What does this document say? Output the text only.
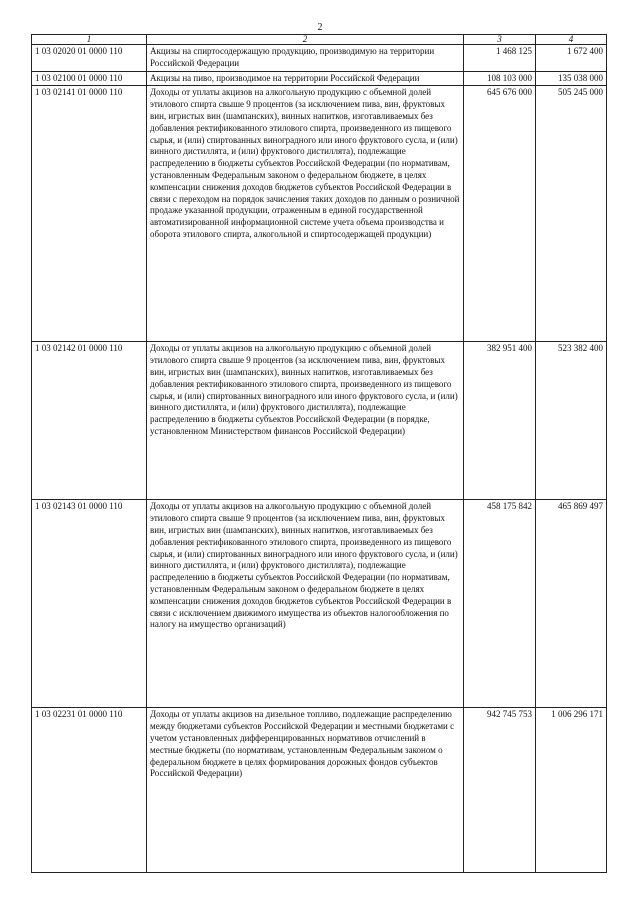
2
1	2	3	4
1 03 02020 01 0000 110	Акцизы на спиртосодержащую продукцию, производимую на территории Российской Федерации	1 468 125	1 672 400
1 03 02100 01 0000 110	Акцизы на пиво, производимое на территории Российской Федерации	108 103 000	135 038 000
1 03 02141 01 0000 110	Доходы от уплаты акцизов на алкогольную продукцию с объемной долей этилового спирта свыше 9 процентов (за исключением пива, вин, фруктовых вин, игристых вин (шампанских), винных напитков, изготавливаемых без добавления ректификованного этилового спирта, произведенного из пищевого сырья, и (или) спиртованных виноградного или иного фруктового сусла, и (или) винного дистиллята, и (или) фруктового дистиллята), подлежащие распределению в бюджеты субъектов Российской Федерации (по нормативам, установленным Федеральным законом о федеральном бюджете, в целях компенсации снижения доходов бюджетов субъектов Российской Федерации в связи с переходом на порядок зачисления таких доходов по данным о розничной продаже указанной продукции, отраженным в единой государственной автоматизированной информационной системе учета объема производства и оборота этилового спирта, алкогольной и спиртосодержащей продукции)	645 676 000	505 245 000
1 03 02142 01 0000 110	Доходы от уплаты акцизов на алкогольную продукцию с объемной долей этилового спирта свыше 9 процентов (за исключением пива, вин, фруктовых вин, игристых вин (шампанских), винных напитков, изготавливаемых без добавления ректификованного этилового спирта, произведенного из пищевого сырья, и (или) спиртованных виноградного или иного фруктового сусла, и (или) винного дистиллята, и (или) фруктового дистиллята), подлежащие распределению в бюджеты субъектов Российской Федерации (в порядке, установленном Министерством финансов Российской Федерации)	382 951 400	523 382 400
1 03 02143 01 0000 110	Доходы от уплаты акцизов на алкогольную продукцию с объемной долей этилового спирта свыше 9 процентов (за исключением пива, вин, фруктовых вин, игристых вин (шампанских), винных напитков, изготавливаемых без добавления ректификованного этилового спирта, произведенного из пищевого сырья, и (или) спиртованных виноградного или иного фруктового сусла, и (или) винного дистиллята, и (или) фруктового дистиллята), подлежащие распределению в бюджеты субъектов Российской Федерации (по нормативам, установленным Федеральным законом о федеральном бюджете в целях компенсации снижения доходов бюджетов субъектов Российской Федерации в связи с исключением движимого имущества из объектов налогообложения по налогу на имущество организаций)	458 175 842	465 869 497
1 03 02231 01 0000 110	Доходы от уплаты акцизов на дизельное топливо, подлежащие распределению между бюджетами субъектов Российской Федерации и местными бюджетами с учетом установленных дифференцированных нормативов отчислений в местные бюджеты (по нормативам, установленным Федеральным законом о федеральном бюджете в целях формирования дорожных фондов субъектов Российской Федерации)	942 745 753	1 006 296 171
